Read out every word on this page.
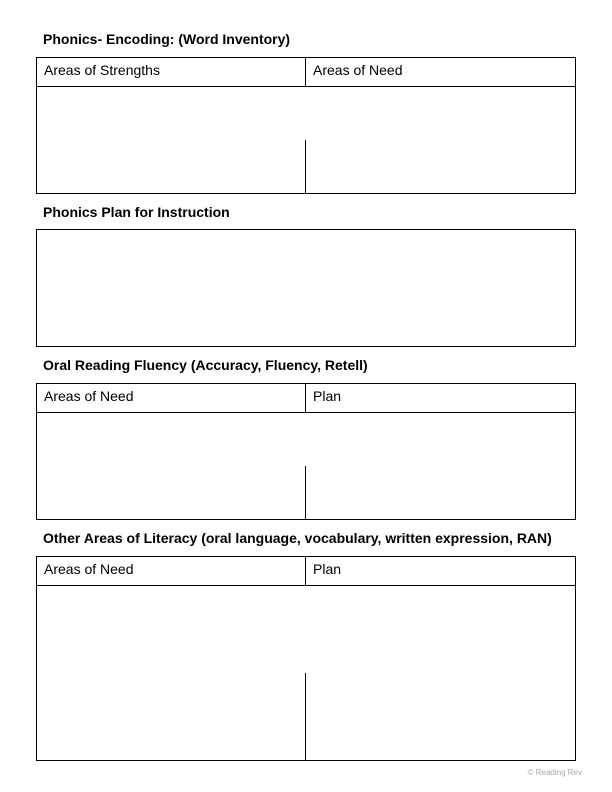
Phonics- Encoding: (Word Inventory)
Areas of Strengths	Areas of Need
Phonics Plan for Instruction
Oral Reading Fluency (Accuracy, Fluency, Retell)
Areas of Need	Plan
Other Areas of Literacy (oral language, vocabulary, written expression, RAN)
Areas of Need	Plan
© Reading Rev
